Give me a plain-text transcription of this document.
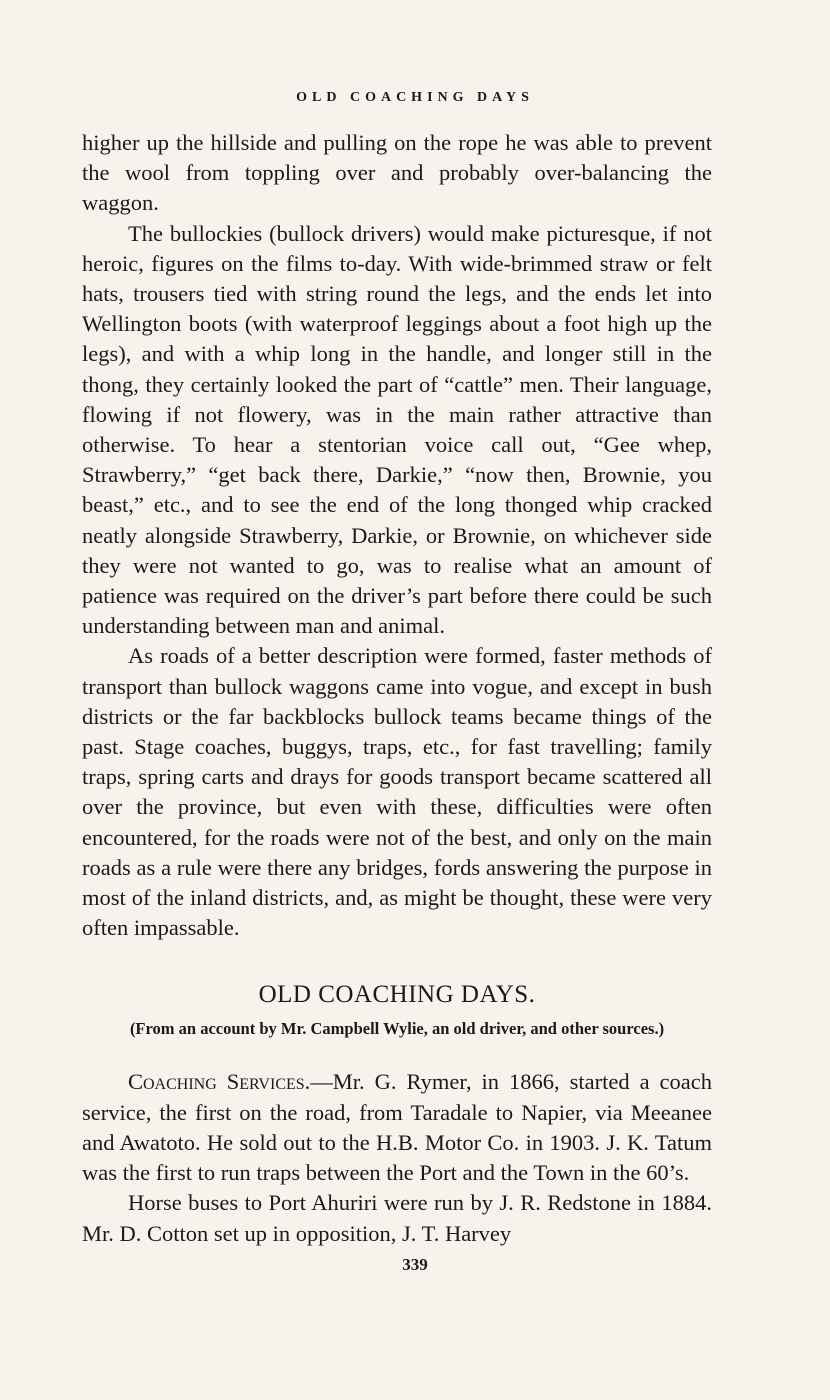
OLD COACHING DAYS

higher up the hillside and pulling on the rope he was able to prevent the wool from toppling over and probably over-balancing the waggon.

The bullockies (bullock drivers) would make picturesque, if not heroic, figures on the films to-day. With wide-brimmed straw or felt hats, trousers tied with string round the legs, and the ends let into Wellington boots (with waterproof leggings about a foot high up the legs), and with a whip long in the handle, and longer still in the thong, they certainly looked the part of “cattle” men. Their language, flowing if not flowery, was in the main rather attractive than otherwise. To hear a stentorian voice call out, “Gee whep, Strawberry,” “get back there, Darkie,” “now then, Brownie, you beast,” etc., and to see the end of the long thonged whip cracked neatly alongside Strawberry, Darkie, or Brownie, on whichever side they were not wanted to go, was to realise what an amount of patience was required on the driver’s part before there could be such understanding between man and animal.

As roads of a better description were formed, faster methods of transport than bullock waggons came into vogue, and except in bush districts or the far backblocks bullock teams became things of the past. Stage coaches, buggys, traps, etc., for fast travelling; family traps, spring carts and drays for goods transport became scattered all over the province, but even with these, difficulties were often encountered, for the roads were not of the best, and only on the main roads as a rule were there any bridges, fords answering the purpose in most of the inland districts, and, as might be thought, these were very often impassable.

OLD COACHING DAYS.
(From an account by Mr. Campbell Wylie, an old driver, and other sources.)

Coaching Services.—Mr. G. Rymer, in 1866, started a coach service, the first on the road, from Taradale to Napier, via Meeanee and Awatoto. He sold out to the H.B. Motor Co. in 1903. J. K. Tatum was the first to run traps between the Port and the Town in the 60’s.

Horse buses to Port Ahuriri were run by J. R. Redstone in 1884. Mr. D. Cotton set up in opposition, J. T. Harvey

339
